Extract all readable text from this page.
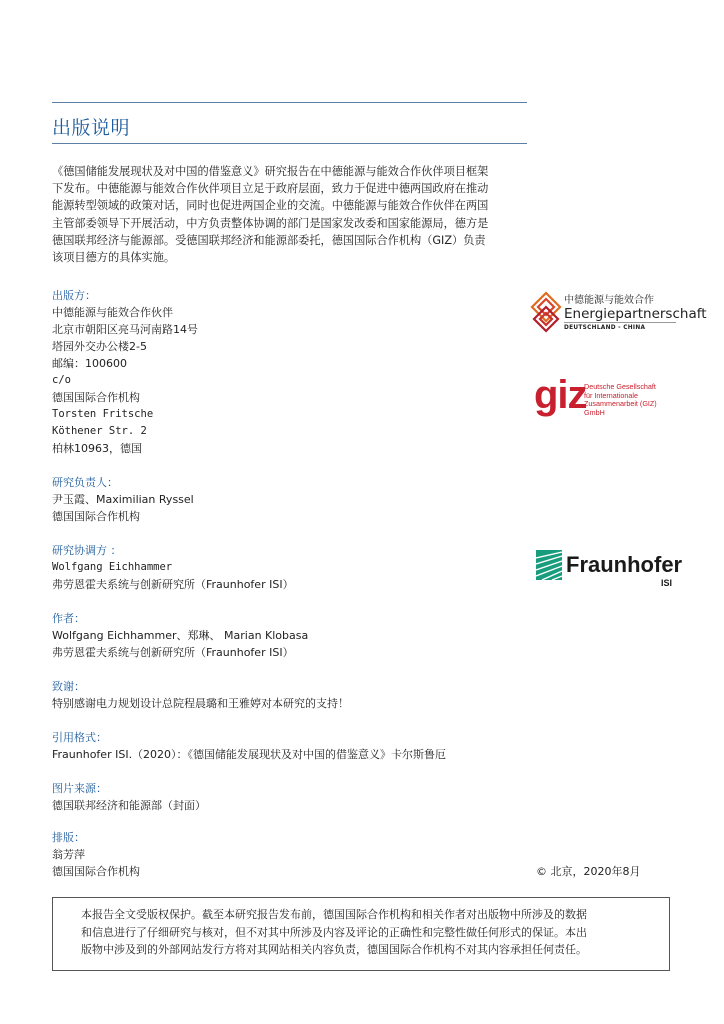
出版说明
《德国储能发展现状及对中国的借鉴意义》研究报告在中德能源与能效合作伙伴项目框架
下发布。中德能源与能效合作伙伴项目立足于政府层面，致力于促进中德两国政府在推动
能源转型领域的政策对话，同时也促进两国企业的交流。中德能源与能效合作伙伴在两国
主管部委领导下开展活动，中方负责整体协调的部门是国家发改委和国家能源局，德方是
德国联邦经济与能源部。受德国联邦经济和能源部委托，德国国际合作机构（GIZ）负责
该项目德方的具体实施。
出版方：
中德能源与能效合作伙伴
北京市朝阳区亮马河南路14号
塔园外交办公楼2-5
邮编：100600
c/o
德国国际合作机构
Torsten Fritsche
Köthener Str. 2
柏林10963，德国
研究负责人：
尹玉霞、Maximilian Ryssel
德国国际合作机构
研究协调方 ：
Wolfgang Eichhammer
弗劳恩霍夫系统与创新研究所（Fraunhofer ISI）
作者：
Wolfgang Eichhammer、郑琳、 Marian Klobasa
弗劳恩霍夫系统与创新研究所（Fraunhofer ISI）
致谢：
特别感谢电力规划设计总院程晨璐和王雅婷对本研究的支持！
引用格式：
Fraunhofer ISI.（2020）：《德国储能发展现状及对中国的借鉴意义》卡尔斯鲁厄
图片来源：
德国联邦经济和能源部（封面）
排版：
翁芳萍
德国国际合作机构	© 北京，2020年8月
本报告全文受版权保护。截至本研究报告发布前，德国国际合作机构和相关作者对出版物中所涉及的数据
和信息进行了仔细研究与核对，但不对其中所涉及内容及评论的正确性和完整性做任何形式的保证。本出
版物中涉及到的外部网站发行方将对其网站相关内容负责，德国国际合作机构不对其内容承担任何责任。
中德能源与能效合作
Energiepartnerschaft
DEUTSCHLAND - CHINA
giz
Deutsche Gesellschaft
für Internationale
Zusammenarbeit (GIZ) GmbH
Fraunhofer
ISI
